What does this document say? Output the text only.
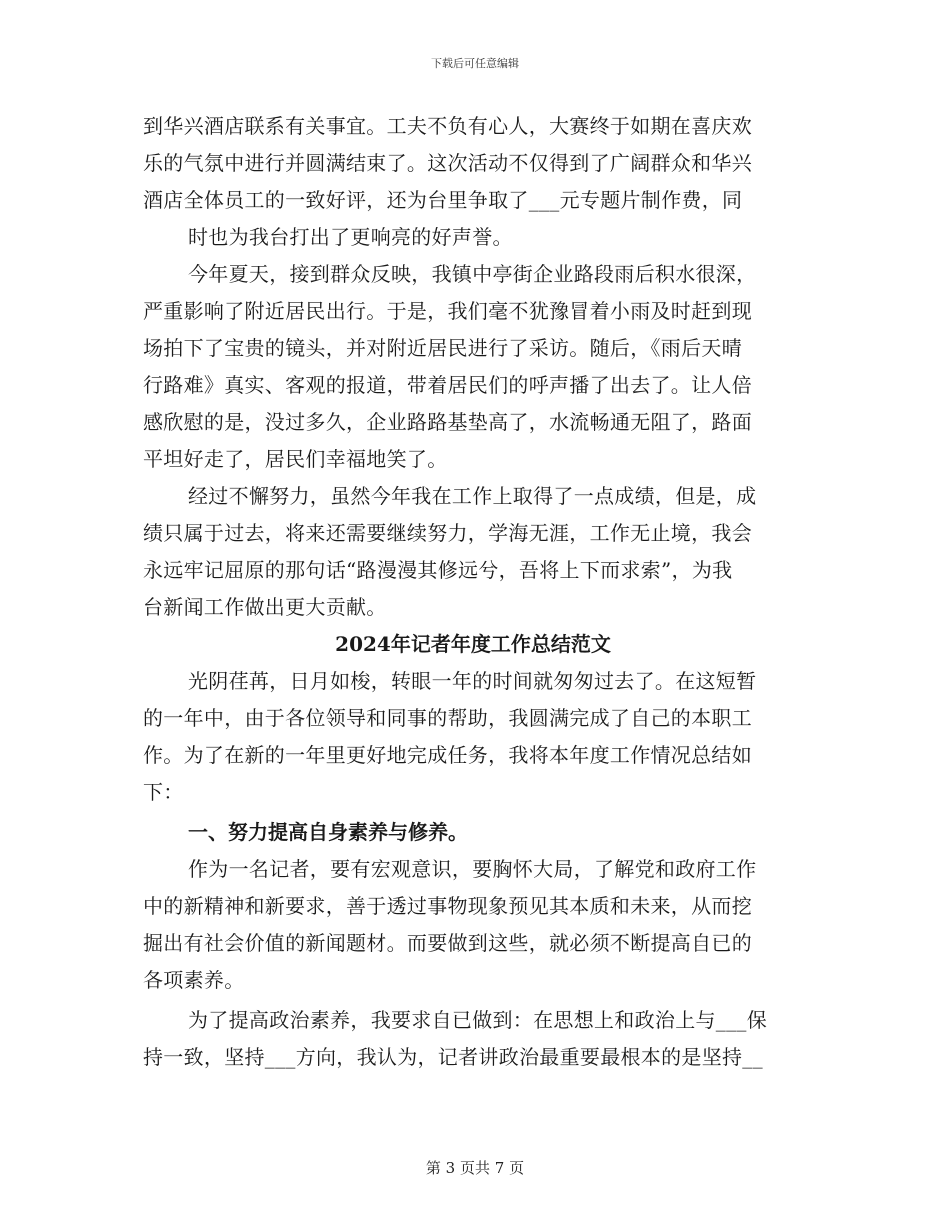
下载后可任意编辑
到华兴酒店联系有关事宜。工夫不负有心人，大赛终于如期在喜庆欢
乐的气氛中进行并圆满结束了。这次活动不仅得到了广阔群众和华兴
酒店全体员工的一致好评，还为台里争取了___元专题片制作费，同
时也为我台打出了更响亮的好声誉。
今年夏天，接到群众反映，我镇中亭街企业路段雨后积水很深，
严重影响了附近居民出行。于是，我们毫不犹豫冒着小雨及时赶到现
场拍下了宝贵的镜头，并对附近居民进行了采访。随后，《雨后天晴
行路难》真实、客观的报道，带着居民们的呼声播了出去了。让人倍
感欣慰的是，没过多久，企业路路基垫高了，水流畅通无阻了，路面
平坦好走了，居民们幸福地笑了。
经过不懈努力，虽然今年我在工作上取得了一点成绩，但是，成
绩只属于过去，将来还需要继续努力，学海无涯，工作无止境，我会
永远牢记屈原的那句话“路漫漫其修远兮，吾将上下而求索”，为我
台新闻工作做出更大贡献。
2024年记者年度工作总结范文
光阴荏苒，日月如梭，转眼一年的时间就匆匆过去了。在这短暂
的一年中，由于各位领导和同事的帮助，我圆满完成了自己的本职工
作。为了在新的一年里更好地完成任务，我将本年度工作情况总结如
下：
一、努力提高自身素养与修养。
作为一名记者，要有宏观意识，要胸怀大局，了解党和政府工作
中的新精神和新要求，善于透过事物现象预见其本质和未来，从而挖
掘出有社会价值的新闻题材。而要做到这些，就必须不断提高自已的
各项素养。
为了提高政治素养，我要求自已做到：在思想上和政治上与___保
持一致，坚持___方向，我认为，记者讲政治最重要最根本的是坚持__
第 3 页共 7 页
